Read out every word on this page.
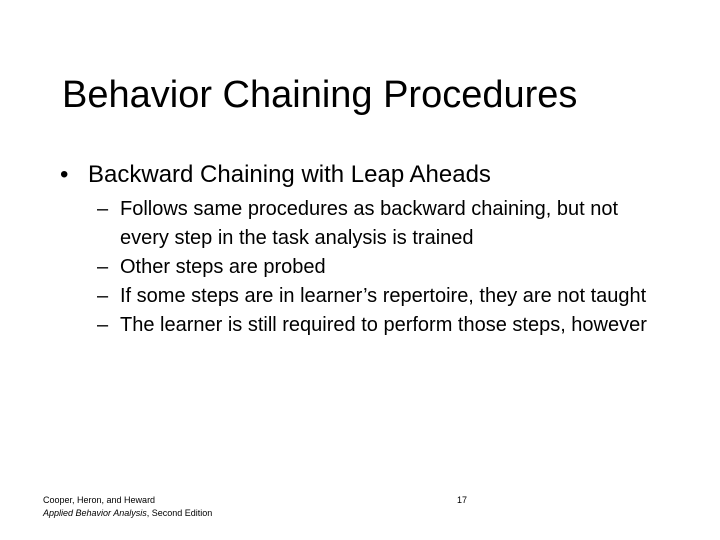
Behavior Chaining Procedures
• Backward Chaining with Leap Aheads
– Follows same procedures as backward chaining, but not every step in the task analysis is trained
– Other steps are probed
– If some steps are in learner’s repertoire, they are not taught
– The learner is still required to perform those steps, however
Cooper, Heron, and Heward
Applied Behavior Analysis, Second Edition
17
